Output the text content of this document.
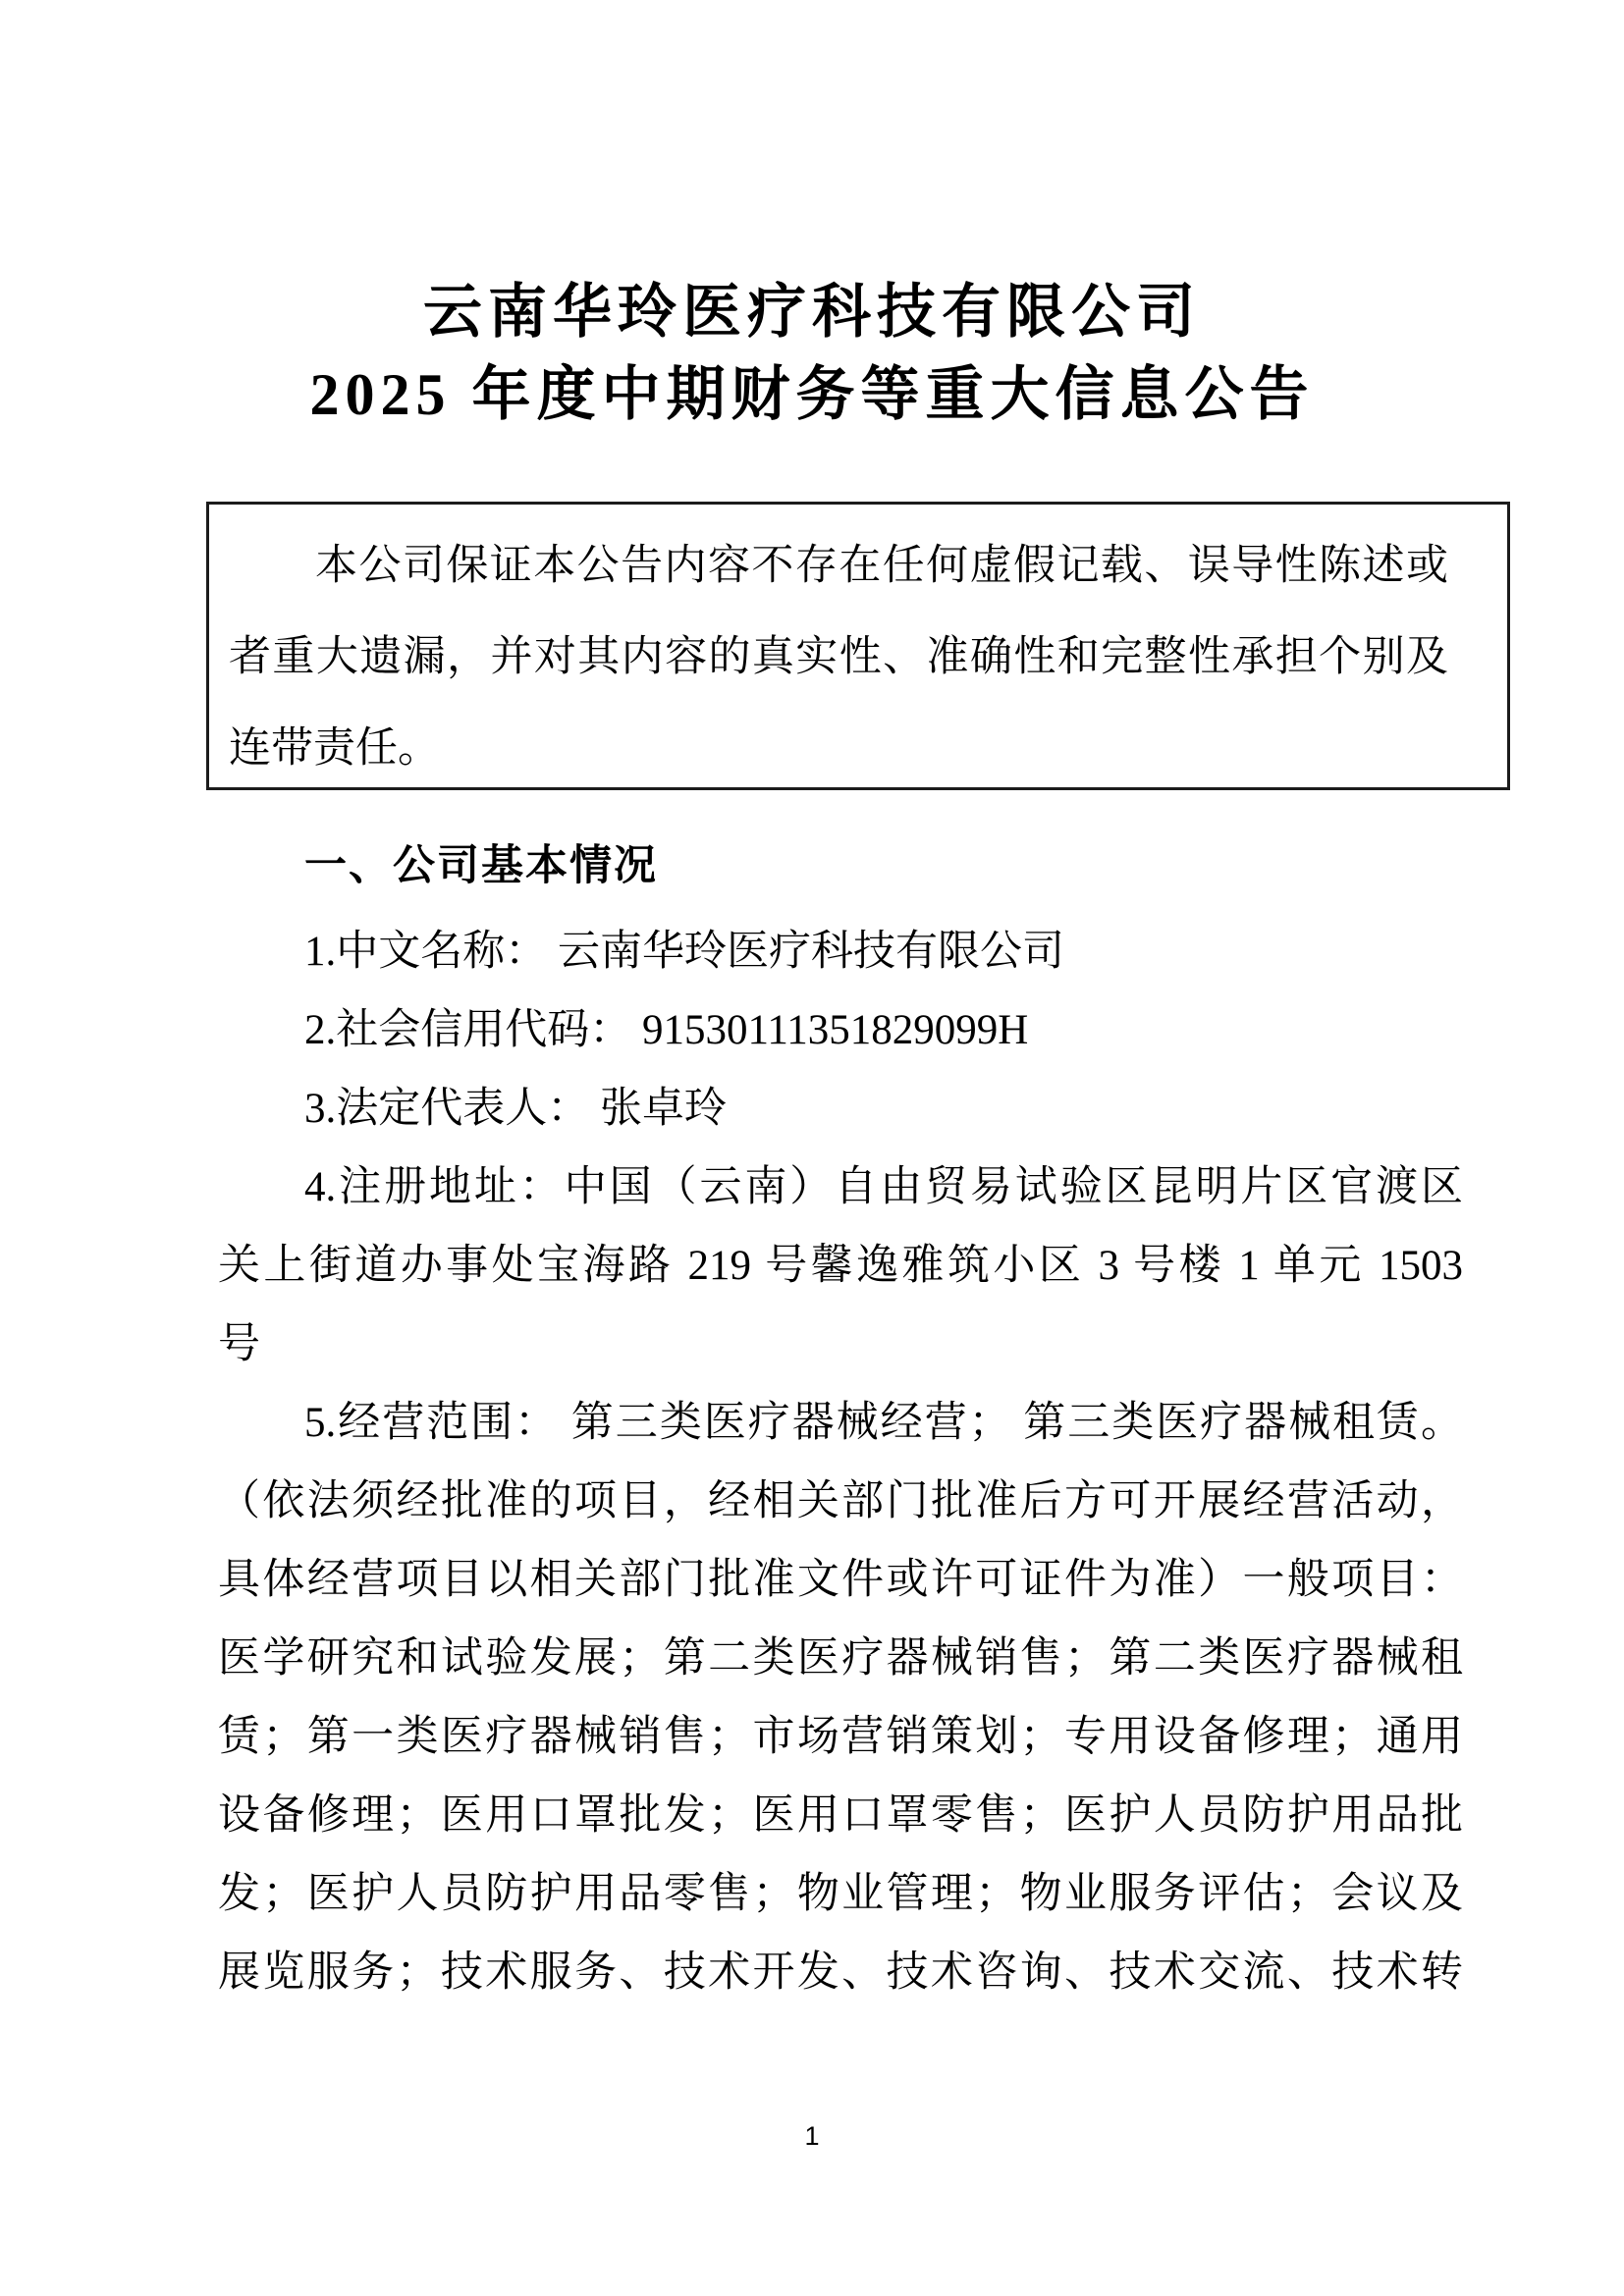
云南华玲医疗科技有限公司
2025 年度中期财务等重大信息公告
本公司保证本公告内容不存在任何虚假记载、误导性陈述或
者重大遗漏，并对其内容的真实性、准确性和完整性承担个别及
连带责任。
一、公司基本情况
1.中文名称： 云南华玲医疗科技有限公司
2.社会信用代码： 91530111351829099H
3.法定代表人： 张卓玲
4.注册地址：中国（云南）自由贸易试验区昆明片区官渡区
关上街道办事处宝海路 219 号馨逸雅筑小区 3 号楼 1 单元 1503
号
5.经营范围： 第三类医疗器械经营； 第三类医疗器械租赁。
（依法须经批准的项目，经相关部门批准后方可开展经营活动，
具体经营项目以相关部门批准文件或许可证件为准）一般项目：
医学研究和试验发展；第二类医疗器械销售；第二类医疗器械租
赁；第一类医疗器械销售；市场营销策划；专用设备修理；通用
设备修理；医用口罩批发；医用口罩零售；医护人员防护用品批
发；医护人员防护用品零售；物业管理；物业服务评估；会议及
展览服务；技术服务、技术开发、技术咨询、技术交流、技术转
1
